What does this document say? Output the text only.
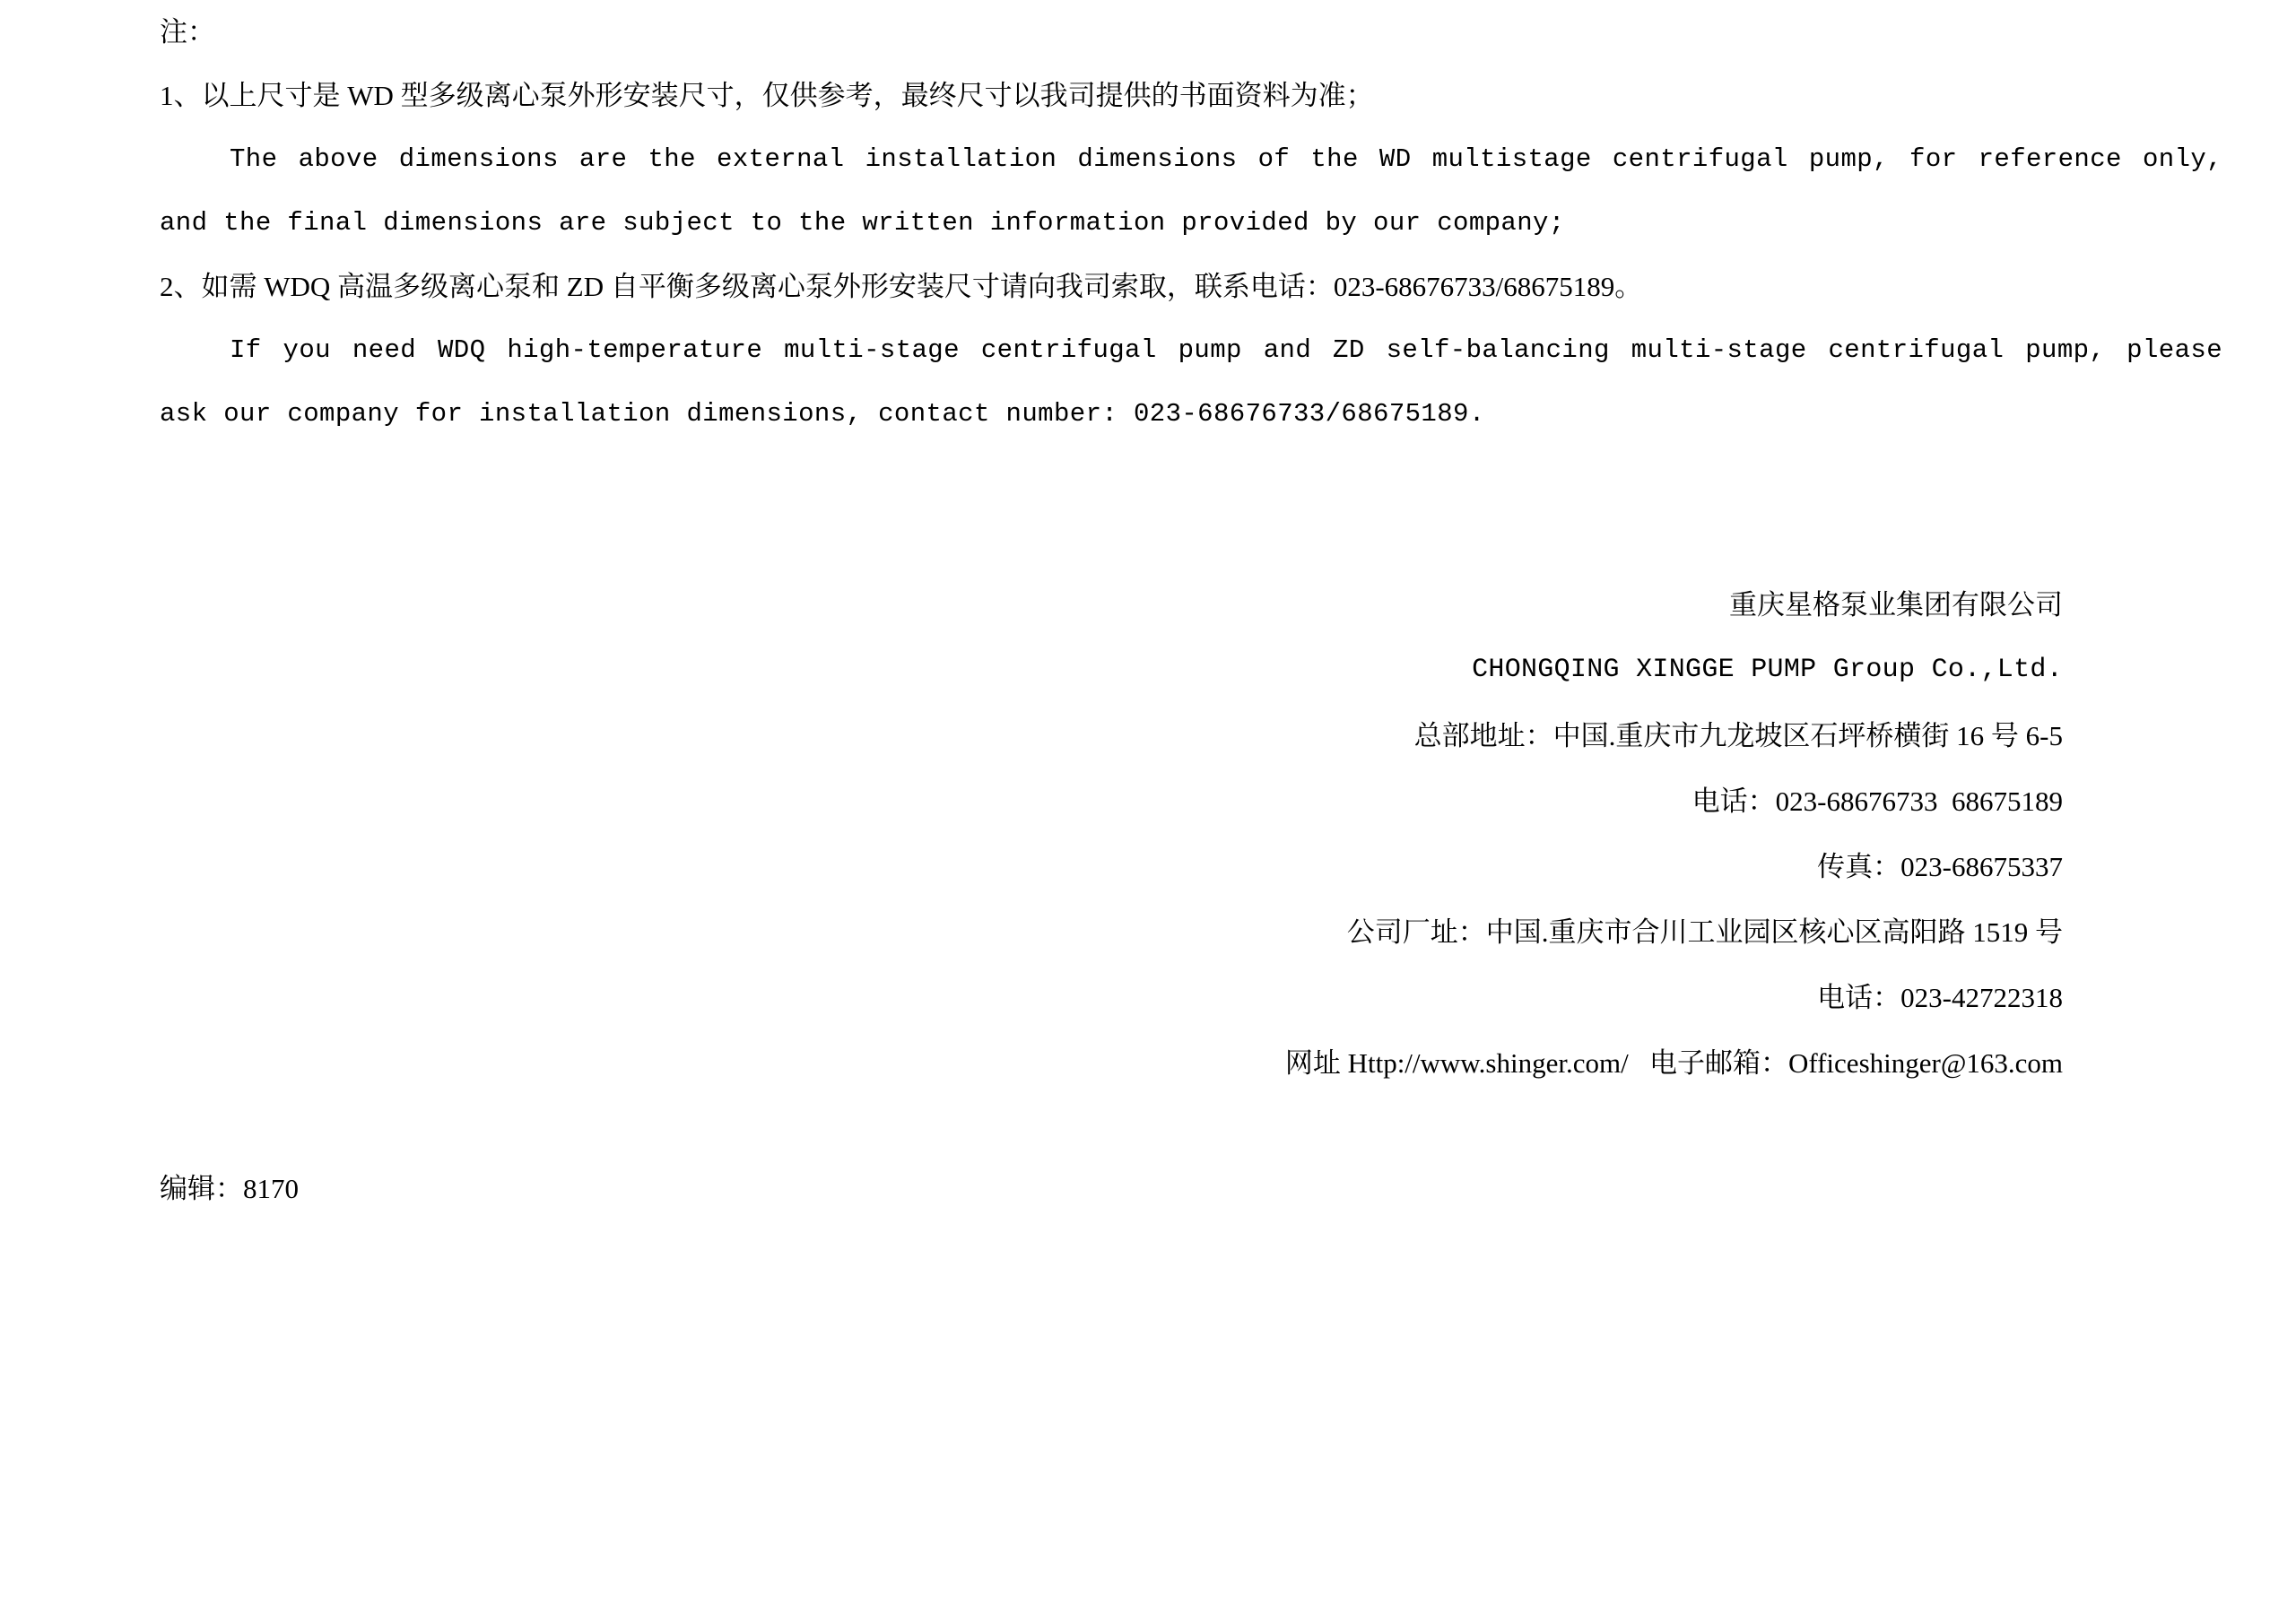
注：
1、以上尺寸是 WD 型多级离心泵外形安装尺寸，仅供参考，最终尺寸以我司提供的书面资料为准；
The above dimensions are the external installation dimensions of the WD multistage centrifugal pump, for reference only,
and the final dimensions are subject to the written information provided by our company;
2、如需 WDQ 高温多级离心泵和 ZD 自平衡多级离心泵外形安装尺寸请向我司索取，联系电话：023-68676733/68675189。
If you need WDQ high-temperature multi-stage centrifugal pump and ZD self-balancing multi-stage centrifugal pump, please
ask our company for installation dimensions, contact number: 023-68676733/68675189.
重庆星格泵业集团有限公司
CHONGQING XINGGE PUMP Group Co.,Ltd.
总部地址：中国.重庆市九龙坡区石坪桥横街 16 号 6-5
电话：023-68676733  68675189
传真：023-68675337
公司厂址：中国.重庆市合川工业园区核心区高阳路 1519 号
电话：023-42722318
网址 Http://www.shinger.com/   电子邮箱：Officeshinger@163.com
编辑：8170
